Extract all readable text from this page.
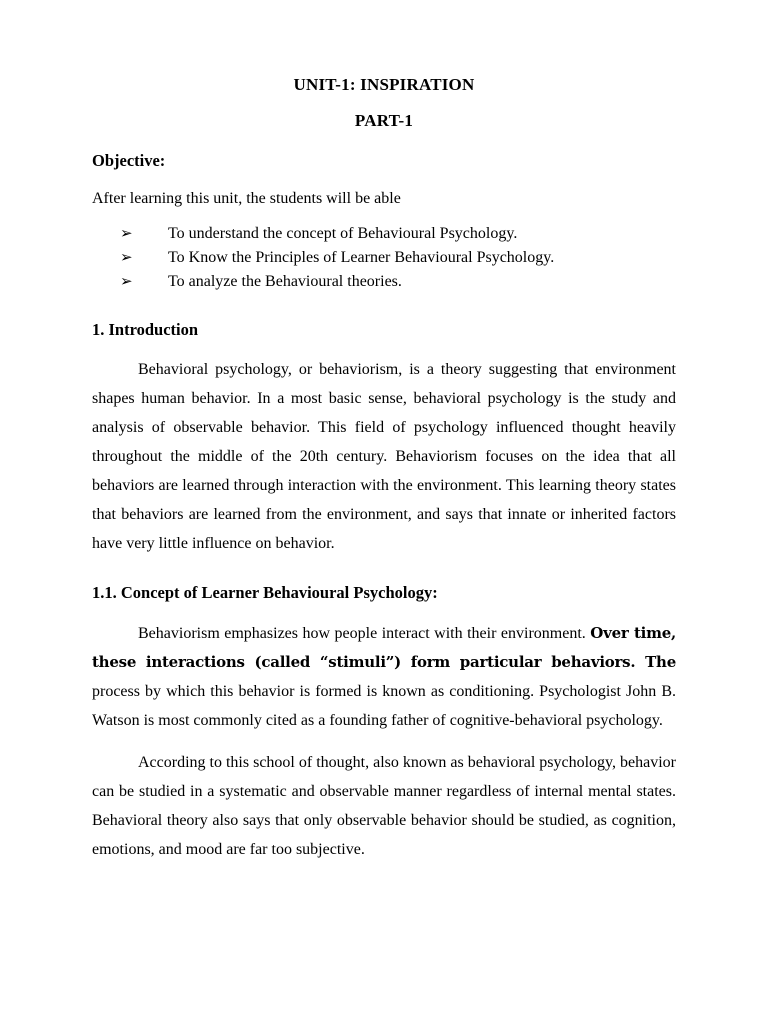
UNIT-1: INSPIRATION
PART-1
Objective:

After learning this unit, the students will be able

➢ To understand the concept of Behavioural Psychology.
➢ To Know the Principles of Learner Behavioural Psychology.
➢ To analyze the Behavioural theories.
1. Introduction

Behavioral psychology, or behaviorism, is a theory suggesting that environment shapes human behavior. In a most basic sense, behavioral psychology is the study and analysis of observable behavior. This field of psychology influenced thought heavily throughout the middle of the 20th century. Behaviorism focuses on the idea that all behaviors are learned through interaction with the environment. This learning theory states that behaviors are learned from the environment, and says that innate or inherited factors have very little influence on behavior.

1.1. Concept of Learner Behavioural Psychology:

Behaviorism emphasizes how people interact with their environment. Over time, these interactions (called “stimuli”) form particular behaviors. The process by which this behavior is formed is known as conditioning. Psychologist John B. Watson is most commonly cited as a founding father of cognitive-behavioral psychology.

According to this school of thought, also known as behavioral psychology, behavior can be studied in a systematic and observable manner regardless of internal mental states. Behavioral theory also says that only observable behavior should be studied, as cognition, emotions, and mood are far too subjective.
